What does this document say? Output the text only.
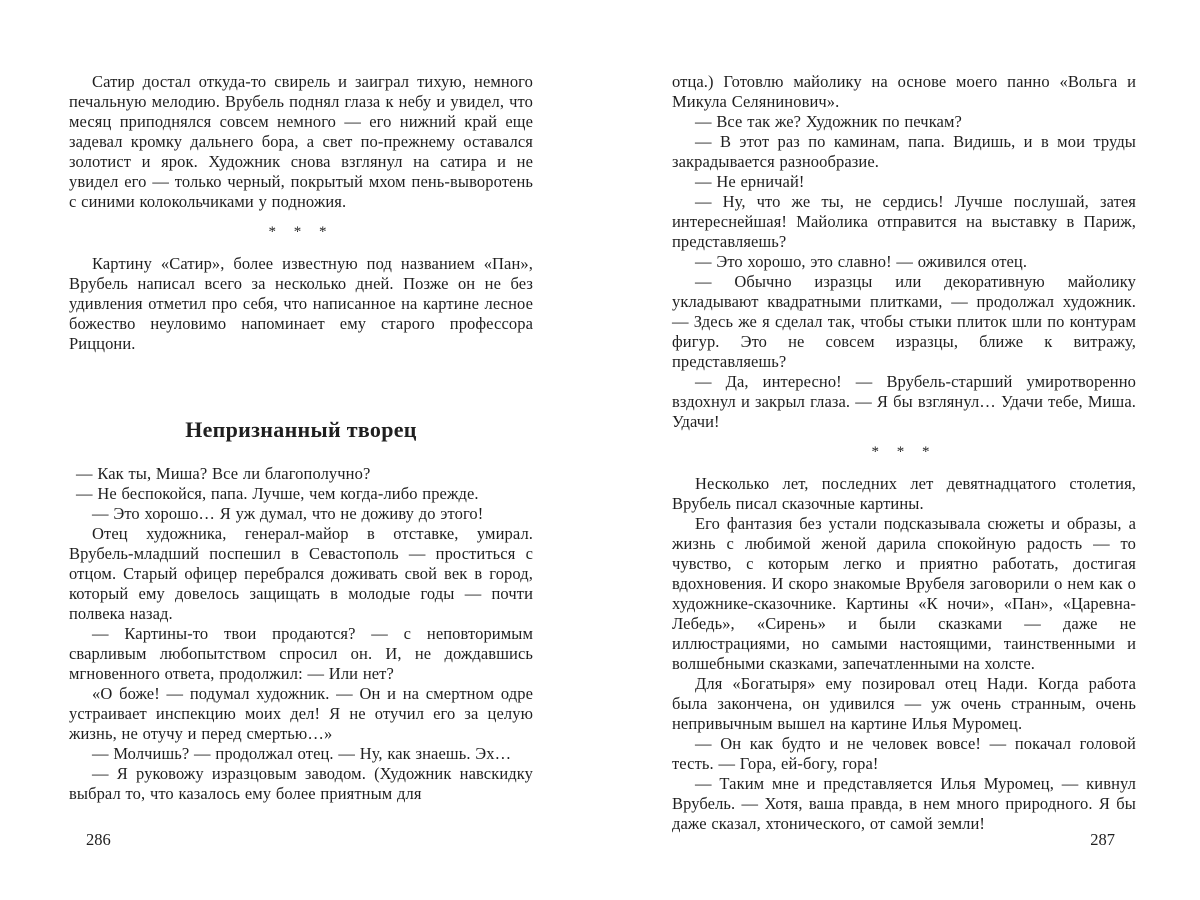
Сатир достал откуда-то свирель и заиграл тихую, немного печальную мелодию. Врубель поднял глаза к небу и увидел, что месяц приподнялся совсем немного — его нижний край еще задевал кромку дальнего бора, а свет по-прежнему оставался золотист и ярок. Художник снова взглянул на сатира и не увидел его — только черный, покрытый мхом пень-выворотень с синими колокольчиками у подножия.

* * *

Картину «Сатир», более известную под названием «Пан», Врубель написал всего за несколько дней. Позже он не без удивления отметил про себя, что написанное на картине лесное божество неуловимо напоминает ему старого профессора Риццони.

Непризнанный творец

— Как ты, Миша? Все ли благополучно?

— Не беспокойся, папа. Лучше, чем когда-либо прежде.

— Это хорошо… Я уж думал, что не доживу до этого!

Отец художника, генерал-майор в отставке, умирал. Врубель-младший поспешил в Севастополь — проститься с отцом. Старый офицер перебрался доживать свой век в город, который ему довелось защищать в молодые годы — почти полвека назад.

— Картины-то твои продаются? — с неповторимым сварливым любопытством спросил он. И, не дождавшись мгновенного ответа, продолжил: — Или нет?

«О боже! — подумал художник. — Он и на смертном одре устраивает инспекцию моих дел! Я не отучил его за целую жизнь, не отучу и перед смертью…»

— Молчишь? — продолжал отец. — Ну, как знаешь. Эх…

— Я руковожу изразцовым заводом. (Художник навскидку выбрал то, что казалось ему более приятным для

отца.) Готовлю майолику на основе моего панно «Вольга и Микула Селянинович».

— Все так же? Художник по печкам?

— В этот раз по каминам, папа. Видишь, и в мои труды закрадывается разнообразие.

— Не ерничай!

— Ну, что же ты, не сердись! Лучше послушай, затея интереснейшая! Майолика отправится на выставку в Париж, представляешь?

— Это хорошо, это славно! — оживился отец.

— Обычно изразцы или декоративную майолику укладывают квадратными плитками, — продолжал художник. — Здесь же я сделал так, чтобы стыки плиток шли по контурам фигур. Это не совсем изразцы, ближе к витражу, представляешь?

— Да, интересно! — Врубель-старший умиротворенно вздохнул и закрыл глаза. — Я бы взглянул… Удачи тебе, Миша. Удачи!

* * *

Несколько лет, последних лет девятнадцатого столетия, Врубель писал сказочные картины.

Его фантазия без устали подсказывала сюжеты и образы, а жизнь с любимой женой дарила спокойную радость — то чувство, с которым легко и приятно работать, достигая вдохновения. И скоро знакомые Врубеля заговорили о нем как о художнике-сказочнике. Картины «К ночи», «Пан», «Царевна-Лебедь», «Сирень» и были сказками — даже не иллюстрациями, но самыми настоящими, таинственными и волшебными сказками, запечатленными на холсте.

Для «Богатыря» ему позировал отец Нади. Когда работа была закончена, он удивился — уж очень странным, очень непривычным вышел на картине Илья Муромец.

— Он как будто и не человек вовсе! — покачал головой тесть. — Гора, ей-богу, гора!

— Таким мне и представляется Илья Муромец, — кивнул Врубель. — Хотя, ваша правда, в нем много природного. Я бы даже сказал, хтонического, от самой земли!

286	287
